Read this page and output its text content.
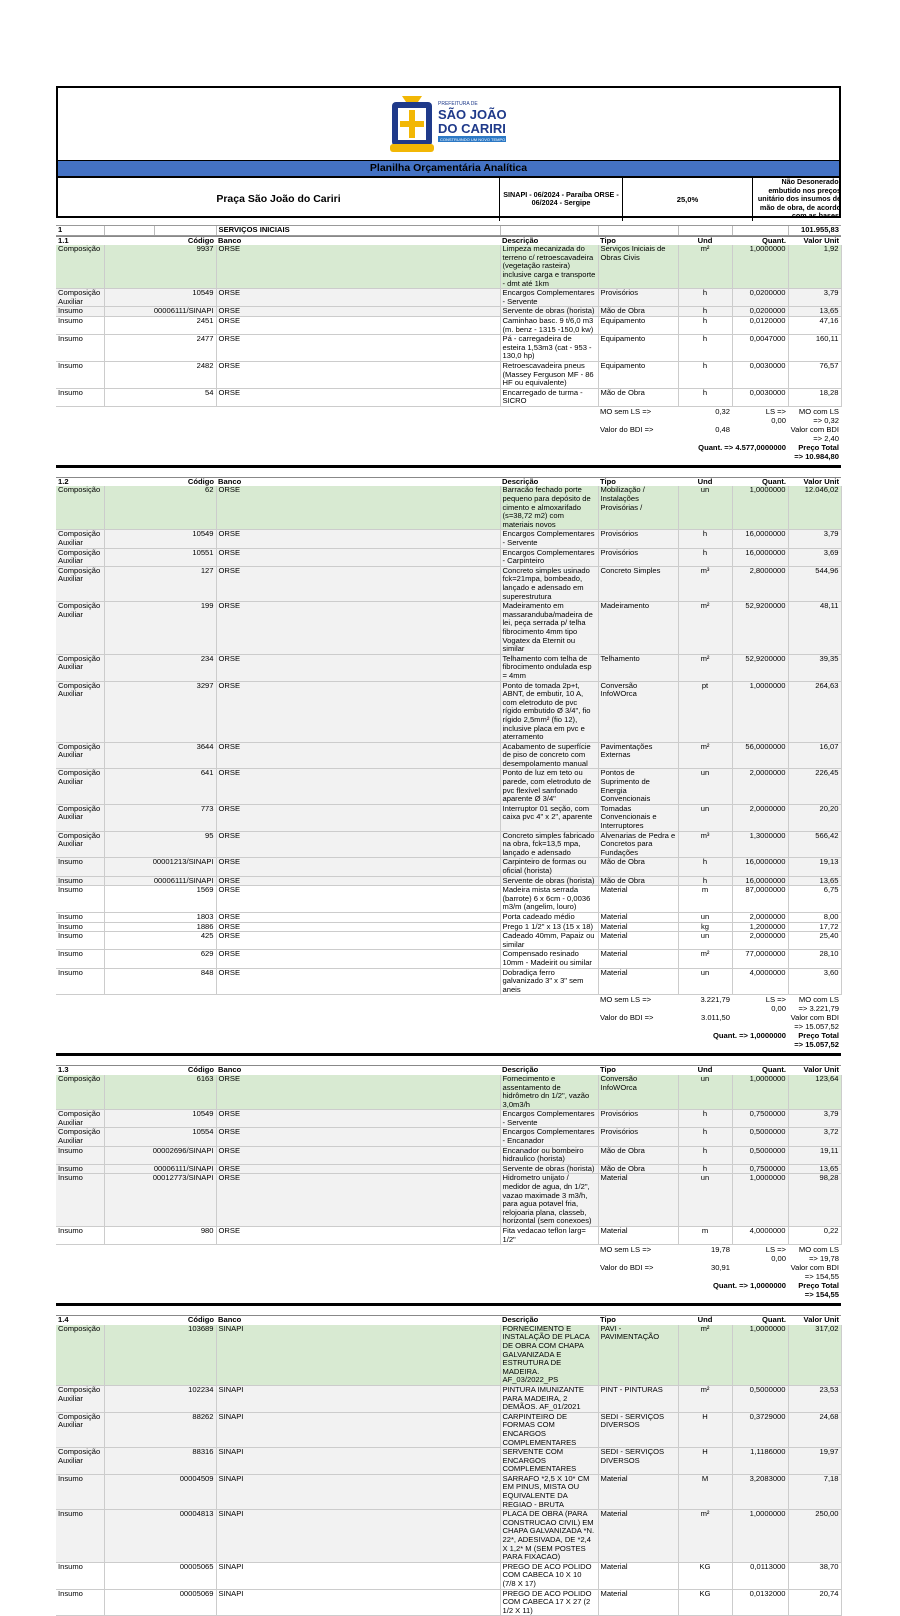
PREFEITURA DE
SÃO JOÃO
DO CARIRI
CONSTRUINDO UM NOVO TEMPO
Planilha Orçamentária Analítica
Praça São João do Cariri	SINAPI - 06/2024 - Paraíba ORSE - 06/2024 - Sergipe	25,0%
Não Desonerado: embutido nos preços unitário dos insumos de mão de obra, de acordo com as bases.
1			SERVIÇOS INICIAIS					101.955,83
1.1	Código	Banco	Descrição	Tipo	Und	Quant.	Valor Unit	
Composição	9937	ORSE	Limpeza mecanizada do terreno c/ retroescavadeira (vegetação rasteira) inclusive carga e transporte - dmt até 1km	Serviços Iniciais de Obras Civis	m²	1,0000000	1,92	
Composição Auxiliar	10549	ORSE	Encargos Complementares - Servente	Provisórios	h	0,0200000	3,79	
Insumo	00006111/SINAPI	ORSE	Servente de obras (horista)	Mão de Obra	h	0,0200000	13,65	
Insumo	2451	ORSE	Caminhao basc. 9 t/6,0 m3 (m. benz - 1315 -150,0 kw)	Equipamento	h	0,0120000	47,16	
Insumo	2477	ORSE	Pá - carregadeira de esteira 1,53m3 (cat - 953 - 130,0 hp)	Equipamento	h	0,0047000	160,11	
Insumo	2482	ORSE	Retroescavadeira pneus (Massey Ferguson MF - 86 HF ou equivalente)	Equipamento	h	0,0030000	76,57	
Insumo	54	ORSE	Encarregado de turma - SICRO	Mão de Obra	h	0,0030000	18,28	
				MO sem LS =>	0,32	LS => 0,00	MO com LS => 0,32	
				Valor do BDI =>	0,48		Valor com BDI => 2,40	
					Quant. => 4.577,0000000		Preço Total => 10.984,80	
1.2	Código	Banco	Descrição	Tipo	Und	Quant.	Valor Unit	
Composição	62	ORSE	Barracão fechado porte pequeno para depósito de cimento e almoxarifado (s=38,72 m2) com materiais novos	Mobilização / Instalações Provisórias /	un	1,0000000	12.046,02	
Composição Auxiliar	10549	ORSE	Encargos Complementares - Servente	Provisórios	h	16,0000000	3,79	
Composição Auxiliar	10551	ORSE	Encargos Complementares - Carpinteiro	Provisórios	h	16,0000000	3,69	
Composição Auxiliar	127	ORSE	Concreto simples usinado fck=21mpa, bombeado, lançado e adensado em superestrutura	Concreto Simples	m³	2,8000000	544,96	
Composição Auxiliar	199	ORSE	Madeiramento em massaranduba/madeira de lei, peça serrada p/ telha fibrocimento 4mm tipo Vogatex da Eternit ou similar	Madeiramento	m²	52,9200000	48,11	
Composição Auxiliar	234	ORSE	Telhamento com telha de fibrocimento ondulada esp = 4mm	Telhamento	m²	52,9200000	39,35	
Composição Auxiliar	3297	ORSE	Ponto de tomada 2p+t, ABNT, de embutir, 10 A, com eletroduto de pvc rígido embutido Ø 3/4", fio rígido 2,5mm² (fio 12), inclusive placa em pvc e aterramento	Conversão InfoWOrca	pt	1,0000000	264,63	
Composição Auxiliar	3644	ORSE	Acabamento de superfície de piso de concreto com desempolamento manual	Pavimentações Externas	m²	56,0000000	16,07	
Composição Auxiliar	641	ORSE	Ponto de luz em teto ou parede, com eletroduto de pvc flexível sanfonado aparente Ø 3/4"	Pontos de Suprimento de Energia Convencionais	un	2,0000000	226,45	
Composição Auxiliar	773	ORSE	Interruptor 01 seção, com caixa pvc 4" x 2", aparente	Tomadas Convencionais e Interruptores	un	2,0000000	20,20	
Composição Auxiliar	95	ORSE	Concreto simples fabricado na obra, fck=13,5 mpa, lançado e adensado	Alvenarias de Pedra e Concretos para Fundações	m³	1,3000000	566,42	
Insumo	00001213/SINAPI	ORSE	Carpinteiro de formas ou oficial (horista)	Mão de Obra	h	16,0000000	19,13	
Insumo	00006111/SINAPI	ORSE	Servente de obras (horista)	Mão de Obra	h	16,0000000	13,65	
Insumo	1569	ORSE	Madeira mista serrada (barrote) 6 x 6cm - 0,0036 m3/m (angelim, louro)	Material	m	87,0000000	6,75	
Insumo	1803	ORSE	Porta cadeado médio	Material	un	2,0000000	8,00	
Insumo	1886	ORSE	Prego 1 1/2" x 13 (15 x 18)	Material	kg	1,2000000	17,72	
Insumo	425	ORSE	Cadeado 40mm, Papaiz ou similar	Material	un	2,0000000	25,40	
Insumo	629	ORSE	Compensado resinado 10mm - Madeirit ou similar	Material	m²	77,0000000	28,10	
Insumo	848	ORSE	Dobradiça ferro galvanizado 3" x 3" sem aneis	Material	un	4,0000000	3,60	
				MO sem LS =>	3.221,79	LS => 0,00	MO com LS => 3.221,79	
				Valor do BDI =>	3.011,50		Valor com BDI => 15.057,52	
					Quant. => 1,0000000		Preço Total => 15.057,52	
1.3	Código	Banco	Descrição	Tipo	Und	Quant.	Valor Unit	
Composição	6163	ORSE	Fornecimento e assentamento de hidrômetro dn 1/2", vazão 3,0m3/h	Conversão InfoWOrca	un	1,0000000	123,64	
Composição Auxiliar	10549	ORSE	Encargos Complementares - Servente	Provisórios	h	0,7500000	3,79	
Composição Auxiliar	10554	ORSE	Encargos Complementares - Encanador	Provisórios	h	0,5000000	3,72	
Insumo	00002696/SINAPI	ORSE	Encanador ou bombeiro hidraulico (horista)	Mão de Obra	h	0,5000000	19,11	
Insumo	00006111/SINAPI	ORSE	Servente de obras (horista)	Mão de Obra	h	0,7500000	13,65	
Insumo	00012773/SINAPI	ORSE	Hidrometro unijato / medidor de agua, dn 1/2", vazao maximade 3 m3/h, para agua potavel fria, relojoaria plana, classeb, horizontal (sem conexoes)	Material	un	1,0000000	98,28	
Insumo	980	ORSE	Fita vedacao teflon larg= 1/2"	Material	m	4,0000000	0,22	
				MO sem LS =>	19,78	LS => 0,00	MO com LS => 19,78	
				Valor do BDI =>	30,91		Valor com BDI => 154,55	
					Quant. => 1,0000000		Preço Total => 154,55	
1.4	Código	Banco	Descrição	Tipo	Und	Quant.	Valor Unit	
Composição	103689	SINAPI	FORNECIMENTO E INSTALAÇÃO DE PLACA DE OBRA COM CHAPA GALVANIZADA E ESTRUTURA DE MADEIRA. AF_03/2022_PS	PAVI - PAVIMENTAÇÃO	m²	1,0000000	317,02	
Composição Auxiliar	102234	SINAPI	PINTURA IMUNIZANTE PARA MADEIRA, 2 DEMÃOS. AF_01/2021	PINT - PINTURAS	m²	0,5000000	23,53	
Composição Auxiliar	88262	SINAPI	CARPINTEIRO DE FORMAS COM ENCARGOS COMPLEMENTARES	SEDI - SERVIÇOS DIVERSOS	H	0,3729000	24,68	
Composição Auxiliar	88316	SINAPI	SERVENTE COM ENCARGOS COMPLEMENTARES	SEDI - SERVIÇOS DIVERSOS	H	1,1186000	19,97	
Insumo	00004509	SINAPI	SARRAFO *2,5 X 10* CM EM PINUS, MISTA OU EQUIVALENTE DA REGIAO - BRUTA	Material	M	3,2083000	7,18	
Insumo	00004813	SINAPI	PLACA DE OBRA (PARA CONSTRUCAO CIVIL) EM CHAPA GALVANIZADA *N. 22*, ADESIVADA, DE *2,4 X 1,2* M (SEM POSTES PARA FIXACAO)	Material	m²	1,0000000	250,00	
Insumo	00005065	SINAPI	PREGO DE ACO POLIDO COM CABECA 10 X 10 (7/8 X 17)	Material	KG	0,0113000	38,70	
Insumo	00005069	SINAPI	PREGO DE ACO POLIDO COM CABECA 17 X 27 (2 1/2 X 11)	Material	KG	0,0132000	20,74	
